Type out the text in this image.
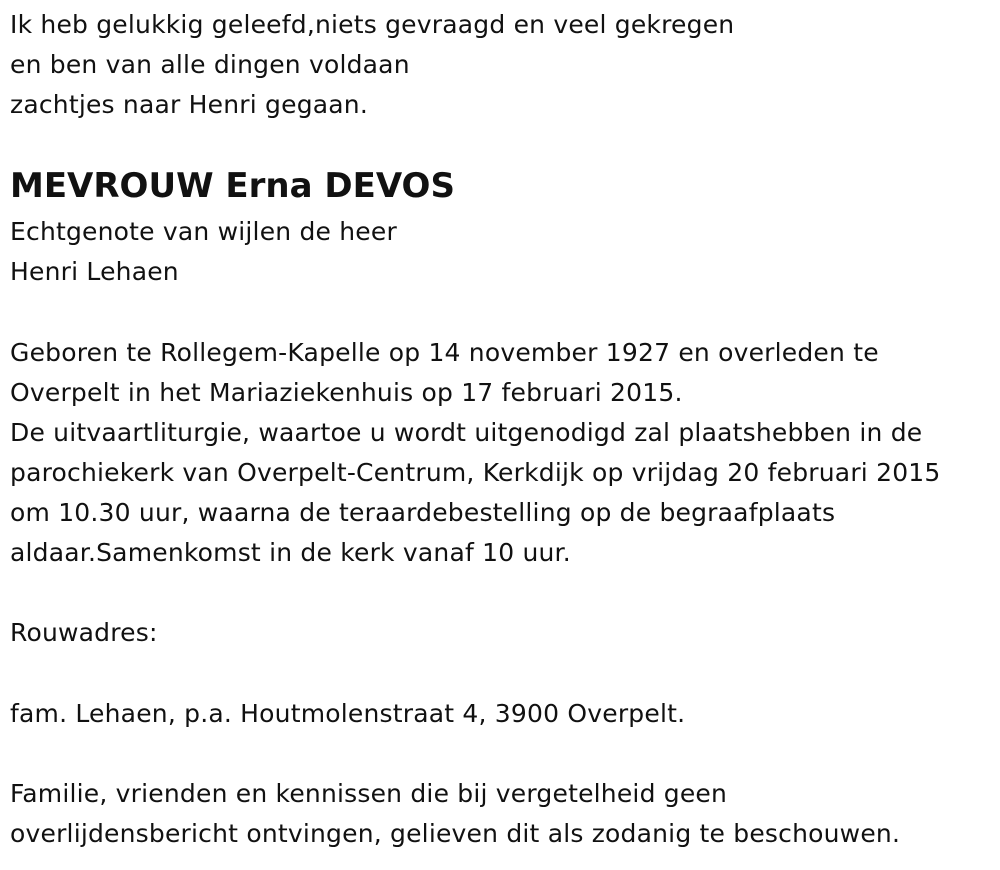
Ik heb gelukkig geleefd,niets gevraagd en veel gekregen

en ben van alle dingen voldaan

zachtjes naar Henri gegaan.

MEVROUW Erna DEVOS

Echtgenote van wijlen de heer

Henri Lehaen

Geboren te Rollegem-Kapelle op 14 november 1927 en overleden te

Overpelt in het Mariaziekenhuis op 17 februari 2015.

De uitvaartliturgie, waartoe u wordt uitgenodigd zal plaatshebben in de

parochiekerk van Overpelt-Centrum, Kerkdijk op vrijdag 20 februari 2015

om 10.30 uur, waarna de teraardebestelling op de begraafplaats

aldaar.Samenkomst in de kerk vanaf 10 uur.

Rouwadres:

fam. Lehaen, p.a. Houtmolenstraat 4, 3900 Overpelt.

Familie, vrienden en kennissen die bij vergetelheid geen

overlijdensbericht ontvingen, gelieven dit als zodanig te beschouwen.
